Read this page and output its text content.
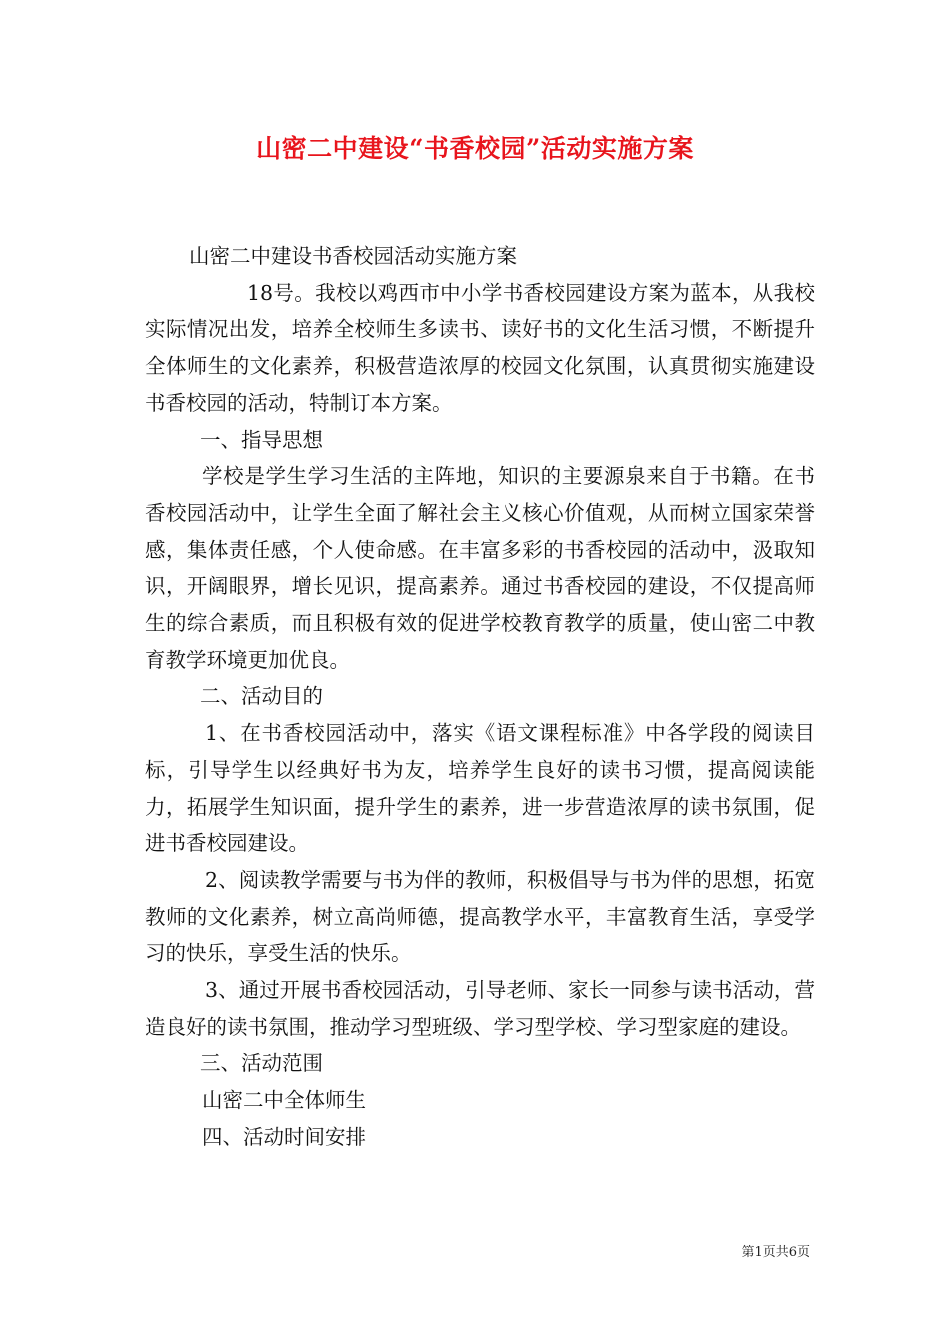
山密二中建设“书香校园”活动实施方案

山密二中建设书香校园活动实施方案

18号。我校以鸡西市中小学书香校园建设方案为蓝本，从我校实际情况出发，培养全校师生多读书、读好书的文化生活习惯，不断提升全体师生的文化素养，积极营造浓厚的校园文化氛围，认真贯彻实施建设书香校园的活动，特制订本方案。

一、指导思想

学校是学生学习生活的主阵地，知识的主要源泉来自于书籍。在书香校园活动中，让学生全面了解社会主义核心价值观，从而树立国家荣誉感，集体责任感，个人使命感。在丰富多彩的书香校园的活动中，汲取知识，开阔眼界，增长见识，提高素养。通过书香校园的建设，不仅提高师生的综合素质，而且积极有效的促进学校教育教学的质量，使山密二中教育教学环境更加优良。

二、活动目的

1、在书香校园活动中，落实《语文课程标准》中各学段的阅读目标，引导学生以经典好书为友，培养学生良好的读书习惯，提高阅读能力，拓展学生知识面，提升学生的素养，进一步营造浓厚的读书氛围，促进书香校园建设。

2、阅读教学需要与书为伴的教师，积极倡导与书为伴的思想，拓宽教师的文化素养，树立高尚师德，提高教学水平，丰富教育生活，享受学习的快乐，享受生活的快乐。

3、通过开展书香校园活动，引导老师、家长一同参与读书活动，营造良好的读书氛围，推动学习型班级、学习型学校、学习型家庭的建设。

三、活动范围

山密二中全体师生

四、活动时间安排

第1页共6页
